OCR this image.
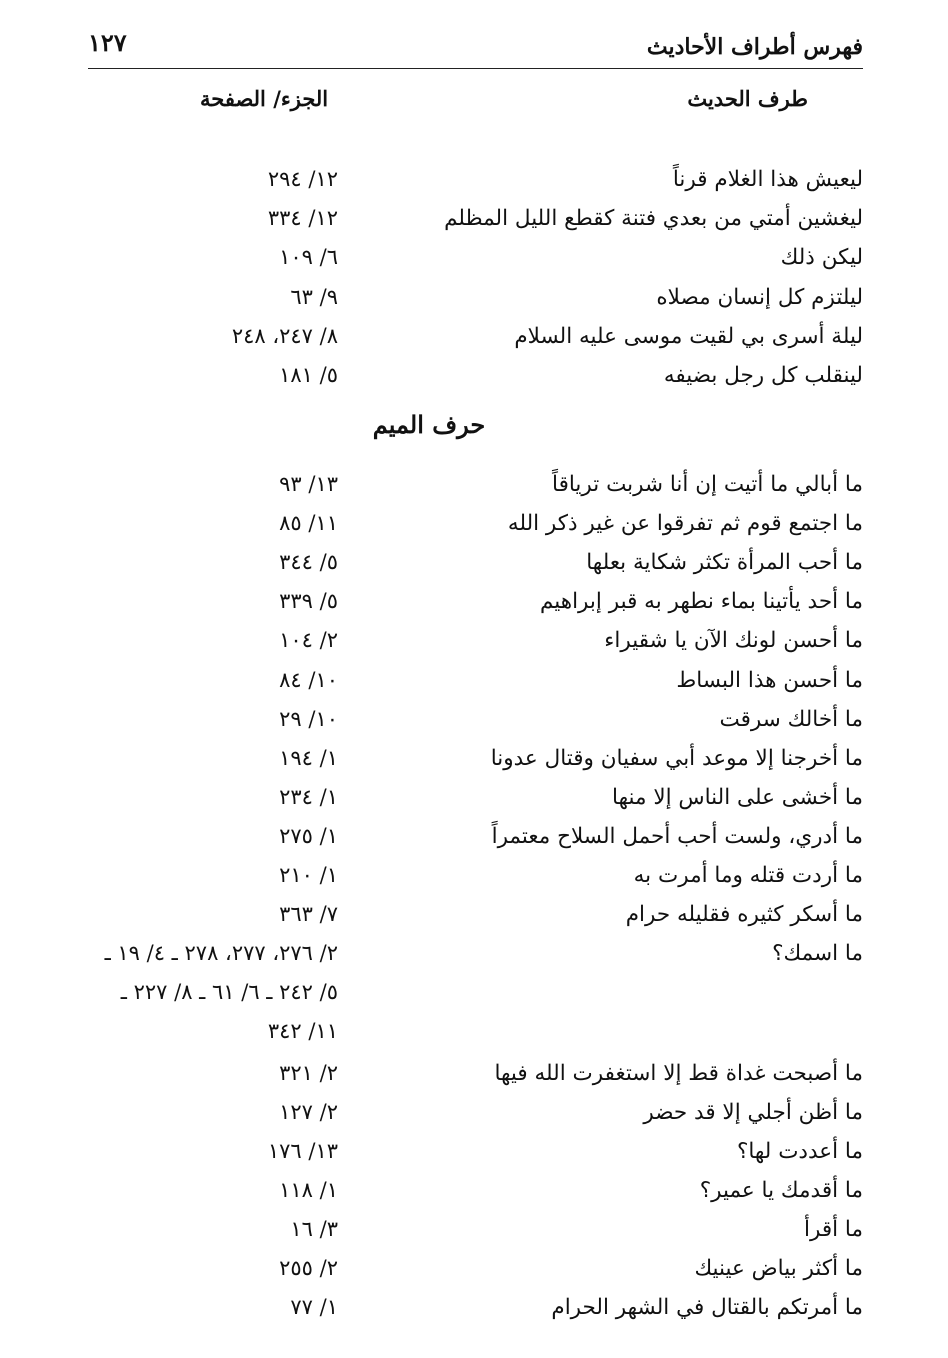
فهرس أطراف الأحاديث
١٢٧
طرف الحديث
الجزء/ الصفحة
ليعيش هذا الغلام قرناً
١٢/ ٢٩٤
ليغشين أمتي من بعدي فتنة كقطع الليل المظلم
١٢/ ٣٣٤
ليكن ذلك
٦/ ١٠٩
ليلتزم كل إنسان مصلاه
٩/ ٦٣
ليلة أسرى بي لقيت موسى عليه السلام
٨/ ٢٤٧، ٢٤٨
لينقلب كل رجل بضيفه
٥/ ١٨١
حرف الميم
ما أبالي ما أتيت إن أنا شربت ترياقاً
١٣/ ٩٣
ما اجتمع قوم ثم تفرقوا عن غير ذكر الله
١١/ ٨٥
ما أحب المرأة تكثر شكاية بعلها
٥/ ٣٤٤
ما أحد يأتينا بماء نطهر به قبر إبراهيم
٥/ ٣٣٩
ما أحسن لونك الآن يا شقيراء
٢/ ١٠٤
ما أحسن هذا البساط
١٠/ ٨٤
ما أخالك سرقت
١٠/ ٢٩
ما أخرجنا إلا موعد أبي سفيان وقتال عدونا
١/ ١٩٤
ما أخشى على الناس إلا منها
١/ ٢٣٤
ما أدري، ولست أحب أحمل السلاح معتمراً
١/ ٢٧٥
ما أردت قتله وما أمرت به
١/ ٢١٠
ما أسكر كثيره فقليله حرام
٧/ ٣٦٣
ما اسمك؟
٢/ ٢٧٦، ٢٧٧، ٢٧٨ ـ ٤/ ١٩ ـ
٥/ ٢٤٢ ـ ٦/ ٦١ ـ ٨/ ٢٢٧ ـ
١١/ ٣٤٢
ما أصبحت غداة قط إلا استغفرت الله فيها
٢/ ٣٢١
ما أظن أجلي إلا قد حضر
٢/ ١٢٧
ما أعددت لها؟
١٣/ ١٧٦
ما أقدمك يا عمير؟
١/ ١١٨
ما أقرأ
٣/ ١٦
ما أكثر بياض عينيك
٢/ ٢٥٥
ما أمرتكم بالقتال في الشهر الحرام
١/ ٧٧
